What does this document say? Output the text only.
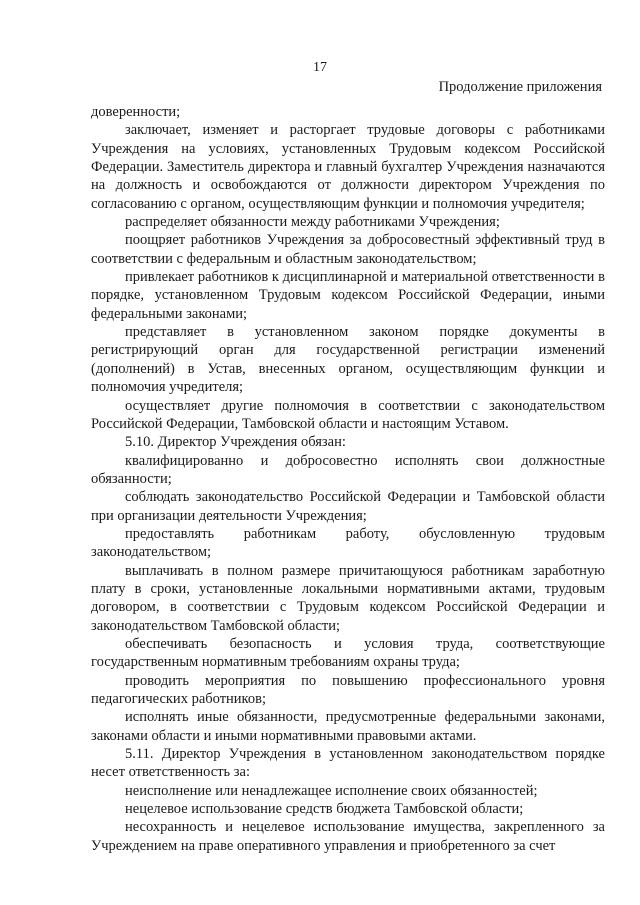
17
Продолжение приложения

доверенности;

заключает, изменяет и расторгает трудовые договоры с работниками Учреждения на условиях, установленных Трудовым кодексом Российской Федерации. Заместитель директора и главный бухгалтер Учреждения назначаются на должность и освобождаются от должности директором Учреждения по согласованию с органом, осуществляющим функции и полномочия учредителя;

распределяет обязанности между работниками Учреждения;

поощряет работников Учреждения за добросовестный эффективный труд в соответствии с федеральным и областным законодательством;

привлекает работников к дисциплинарной и материальной ответственности в порядке, установленном Трудовым кодексом Российской Федерации, иными федеральными законами;

представляет в установленном законом порядке документы в регистрирующий орган для государственной регистрации изменений (дополнений) в Устав, внесенных органом, осуществляющим функции и полномочия учредителя;

осуществляет другие полномочия в соответствии с законодательством Российской Федерации, Тамбовской области и настоящим Уставом.

5.10. Директор Учреждения обязан:

квалифицированно и добросовестно исполнять свои должностные обязанности;

соблюдать законодательство Российской Федерации и Тамбовской области при организации деятельности Учреждения;

предоставлять работникам работу, обусловленную трудовым законодательством;

выплачивать в полном размере причитающуюся работникам заработную плату в сроки, установленные локальными нормативными актами, трудовым договором, в соответствии с Трудовым кодексом Российской Федерации и законодательством Тамбовской области;

обеспечивать безопасность и условия труда, соответствующие государственным нормативным требованиям охраны труда;

проводить мероприятия по повышению профессионального уровня педагогических работников;

исполнять иные обязанности, предусмотренные федеральными законами, законами области и иными нормативными правовыми актами.

5.11. Директор Учреждения в установленном законодательством порядке несет ответственность за:

неисполнение или ненадлежащее исполнение своих обязанностей;

нецелевое использование средств бюджета Тамбовской области;

несохранность и нецелевое использование имущества, закрепленного за Учреждением на праве оперативного управления и приобретенного за счет
